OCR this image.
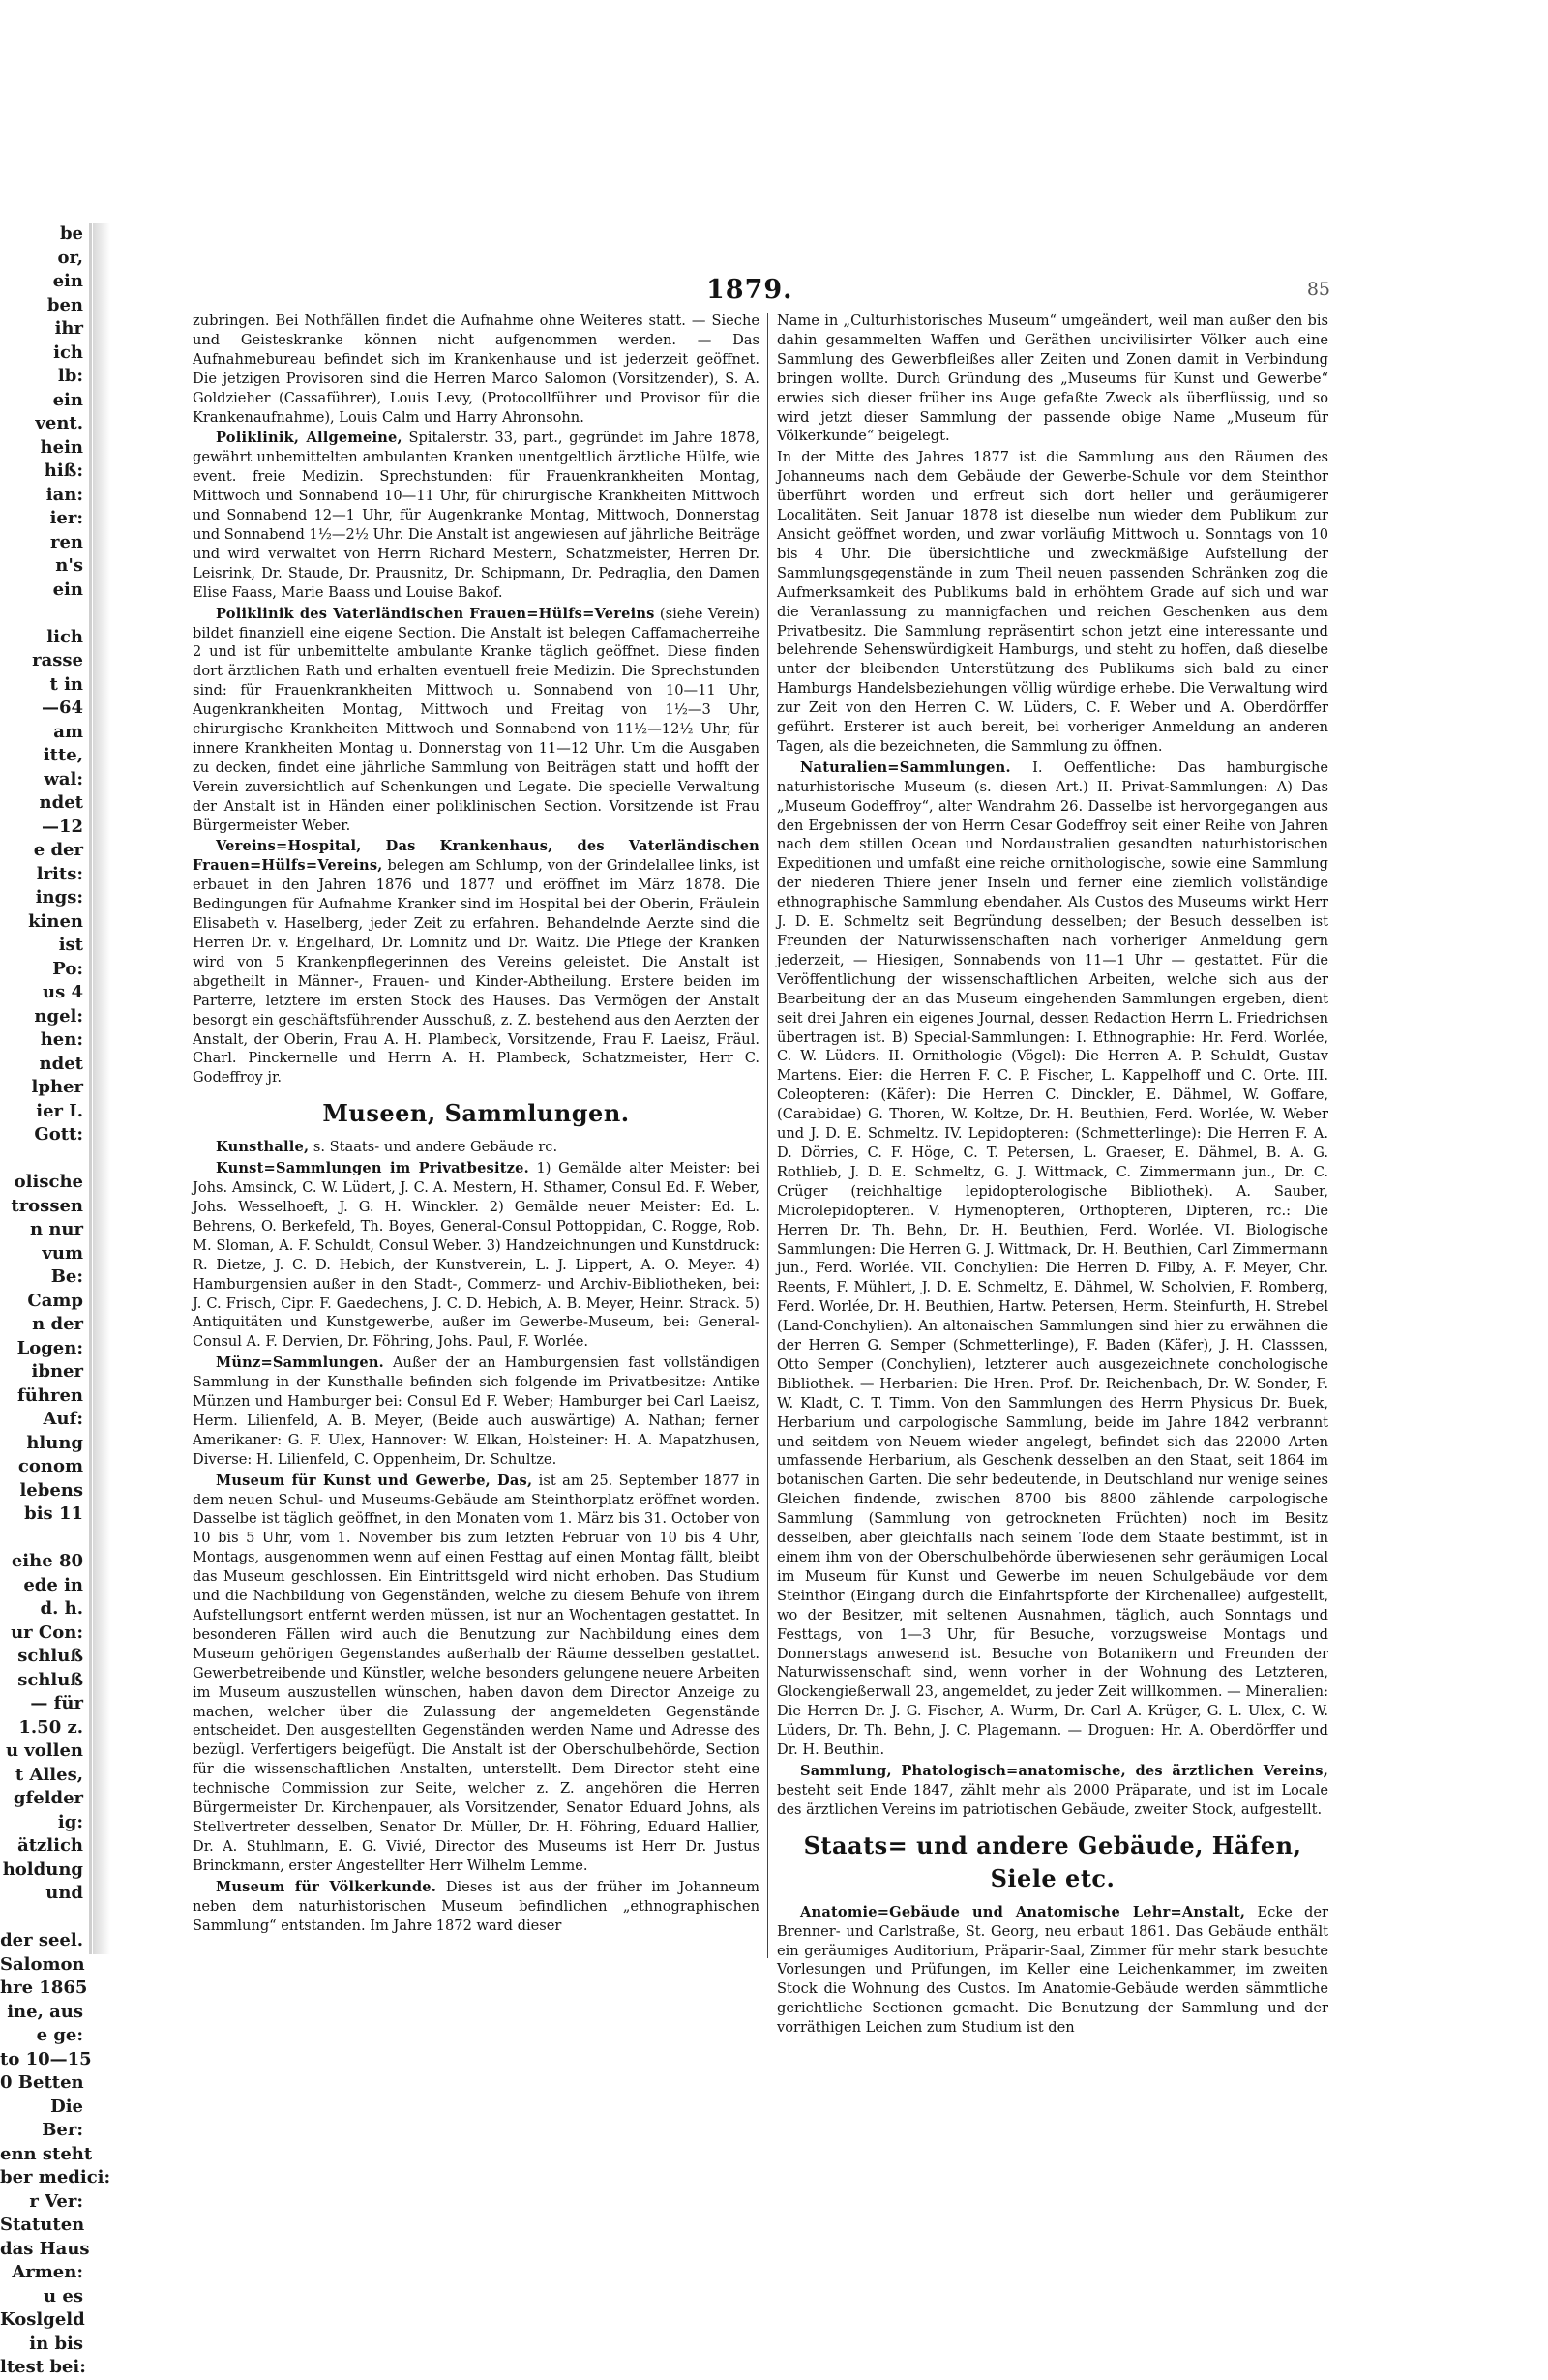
be
or,
ein
ben
ihr
ich
lb:
ein
vent.
hein
hiß:
ian:
ier:
ren
n's
ein

lich
rasse
t in
—64
am
itte,
wal:
ndet
—12
e der
lrits:
ings:
kinen
ist
Po:
us 4
ngel:
hen:
ndet
lpher
ier I.
Gott:

olische
trossen
n nur
vum
Be:
Camp
n der
Logen:
ibner
führen
Auf:
hlung
conom
lebens
bis 11

eihe 80
ede in
d. h.
ur Con:
schluß
schluß
— für
1.50 z.
u vollen
t Alles,
gfelder
ig:
ätzlich
holdung
und

der seel.
Salomon
hre 1865
ine, aus
e ge:
to 10—15
0 Betten
Die
Ber:
enn steht
ber medici:
r Ver:
Statuten
das Haus
Armen:
u es
Koslgeld
in bis
ltest bei:
1879.	85

zubringen. Bei Nothfällen findet die Aufnahme ohne Weiteres statt. — Sieche und Geisteskranke können nicht aufgenommen werden. — Das Aufnahmebureau befindet sich im Krankenhause und ist jederzeit geöffnet. Die jetzigen Provisoren sind die Herren Marco Salomon (Vorsitzender), S. A. Goldzieher (Cassaführer), Louis Levy, (Protocollführer und Provisor für die Krankenaufnahme), Louis Calm und Harry Ahronsohn.

Poliklinik, Allgemeine, Spitalerstr. 33, part., gegründet im Jahre 1878, gewährt unbemittelten ambulanten Kranken unentgeltlich ärztliche Hülfe, wie event. freie Medizin. Sprechstunden: für Frauenkrankheiten Montag, Mittwoch und Sonnabend 10—11 Uhr, für chirurgische Krankheiten Mittwoch und Sonnabend 12—1 Uhr, für Augenkranke Montag, Mittwoch, Donnerstag und Sonnabend 1½—2½ Uhr. Die Anstalt ist angewiesen auf jährliche Beiträge und wird verwaltet von Herrn Richard Mestern, Schatzmeister, Herren Dr. Leisrink, Dr. Staude, Dr. Prausnitz, Dr. Schipmann, Dr. Pedraglia, den Damen Elise Faass, Marie Baass und Louise Bakof.

Poliklinik des Vaterländischen Frauen=Hülfs=Vereins (siehe Verein) bildet finanziell eine eigene Section. Die Anstalt ist belegen Caffamacherreihe 2 und ist für unbemittelte ambulante Kranke täglich geöffnet. Diese finden dort ärztlichen Rath und erhalten eventuell freie Medizin. Die Sprechstunden sind: für Frauenkrankheiten Mittwoch u. Sonnabend von 10—11 Uhr, Augenkrankheiten Montag, Mittwoch und Freitag von 1½—3 Uhr, chirurgische Krankheiten Mittwoch und Sonnabend von 11½—12½ Uhr, für innere Krankheiten Montag u. Donnerstag von 11—12 Uhr. Um die Ausgaben zu decken, findet eine jährliche Sammlung von Beiträgen statt und hofft der Verein zuversichtlich auf Schenkungen und Legate. Die specielle Verwaltung der Anstalt ist in Händen einer poliklinischen Section. Vorsitzende ist Frau Bürgermeister Weber.

Vereins=Hospital, Das Krankenhaus, des Vaterländischen Frauen=Hülfs=Vereins, belegen am Schlump, von der Grindelallee links, ist erbauet in den Jahren 1876 und 1877 und eröffnet im März 1878. Die Bedingungen für Aufnahme Kranker sind im Hospital bei der Oberin, Fräulein Elisabeth v. Haselberg, jeder Zeit zu erfahren. Behandelnde Aerzte sind die Herren Dr. v. Engelhard, Dr. Lomnitz und Dr. Waitz. Die Pflege der Kranken wird von 5 Krankenpflegerinnen des Vereins geleistet. Die Anstalt ist abgetheilt in Männer-, Frauen- und Kinder-Abtheilung. Erstere beiden im Parterre, letztere im ersten Stock des Hauses. Das Vermögen der Anstalt besorgt ein geschäftsführender Ausschuß, z. Z. bestehend aus den Aerzten der Anstalt, der Oberin, Frau A. H. Plambeck, Vorsitzende, Frau F. Laeisz, Fräul. Charl. Pinckernelle und Herrn A. H. Plambeck, Schatzmeister, Herr C. Godeffroy jr.

Museen, Sammlungen.

Kunsthalle, s. Staats- und andere Gebäude rc.

Kunst=Sammlungen im Privatbesitze. 1) Gemälde alter Meister: bei Johs. Amsinck, C. W. Lüdert, J. C. A. Mestern, H. Sthamer, Consul Ed. F. Weber, Johs. Wesselhoeft, J. G. H. Winckler. 2) Gemälde neuer Meister: Ed. L. Behrens, O. Berkefeld, Th. Boyes, General-Consul Pottoppidan, C. Rogge, Rob. M. Sloman, A. F. Schuldt, Consul Weber. 3) Handzeichnungen und Kunstdruck: R. Dietze, J. C. D. Hebich, der Kunstverein, L. J. Lippert, A. O. Meyer. 4) Hamburgensien außer in den Stadt-, Commerz- und Archiv-Bibliotheken, bei: J. C. Frisch, Cipr. F. Gaedechens, J. C. D. Hebich, A. B. Meyer, Heinr. Strack. 5) Antiquitäten und Kunstgewerbe, außer im Gewerbe-Museum, bei: General-Consul A. F. Dervien, Dr. Föhring, Johs. Paul, F. Worlée.

Münz=Sammlungen. Außer der an Hamburgensien fast vollständigen Sammlung in der Kunsthalle befinden sich folgende im Privatbesitze: Antike Münzen und Hamburger bei: Consul Ed F. Weber; Hamburger bei Carl Laeisz, Herm. Lilienfeld, A. B. Meyer, (Beide auch auswärtige) A. Nathan; ferner Amerikaner: G. F. Ulex, Hannover: W. Elkan, Holsteiner: H. A. Mapatzhusen, Diverse: H. Lilienfeld, C. Oppenheim, Dr. Schultze.

Museum für Kunst und Gewerbe, Das, ist am 25. September 1877 in dem neuen Schul- und Museums-Gebäude am Steinthorplatz eröffnet worden. Dasselbe ist täglich geöffnet, in den Monaten vom 1. März bis 31. October von 10 bis 5 Uhr, vom 1. November bis zum letzten Februar von 10 bis 4 Uhr, Montags, ausgenommen wenn auf einen Festtag auf einen Montag fällt, bleibt das Museum geschlossen. Ein Eintrittsgeld wird nicht erhoben. Das Studium und die Nachbildung von Gegenständen, welche zu diesem Behufe von ihrem Aufstellungsort entfernt werden müssen, ist nur an Wochentagen gestattet. In besonderen Fällen wird auch die Benutzung zur Nachbildung eines dem Museum gehörigen Gegenstandes außerhalb der Räume desselben gestattet. Gewerbetreibende und Künstler, welche besonders gelungene neuere Arbeiten im Museum auszustellen wünschen, haben davon dem Director Anzeige zu machen, welcher über die Zulassung der angemeldeten Gegenstände entscheidet. Den ausgestellten Gegenständen werden Name und Adresse des bezügl. Verfertigers beigefügt. Die Anstalt ist der Oberschulbehörde, Section für die wissenschaftlichen Anstalten, unterstellt. Dem Director steht eine technische Commission zur Seite, welcher z. Z. angehören die Herren Bürgermeister Dr. Kirchenpauer, als Vorsitzender, Senator Eduard Johns, als Stellvertreter desselben, Senator Dr. Müller, Dr. H. Föhring, Eduard Hallier, Dr. A. Stuhlmann, E. G. Vivié, Director des Museums ist Herr Dr. Justus Brinckmann, erster Angestellter Herr Wilhelm Lemme.

Museum für Völkerkunde. Dieses ist aus der früher im Johanneum neben dem naturhistorischen Museum befindlichen „ethnographischen Sammlung“ entstanden. Im Jahre 1872 ward dieser

Name in „Culturhistorisches Museum“ umgeändert, weil man außer den bis dahin gesammelten Waffen und Geräthen uncivilisirter Völker auch eine Sammlung des Gewerbfleißes aller Zeiten und Zonen damit in Verbindung bringen wollte. Durch Gründung des „Museums für Kunst und Gewerbe“ erwies sich dieser früher ins Auge gefaßte Zweck als überflüssig, und so wird jetzt dieser Sammlung der passende obige Name „Museum für Völkerkunde“ beigelegt.

In der Mitte des Jahres 1877 ist die Sammlung aus den Räumen des Johanneums nach dem Gebäude der Gewerbe-Schule vor dem Steinthor überführt worden und erfreut sich dort heller und geräumigerer Localitäten. Seit Januar 1878 ist dieselbe nun wieder dem Publikum zur Ansicht geöffnet worden, und zwar vorläufig Mittwoch u. Sonntags von 10 bis 4 Uhr. Die übersichtliche und zweckmäßige Aufstellung der Sammlungsgegenstände in zum Theil neuen passenden Schränken zog die Aufmerksamkeit des Publikums bald in erhöhtem Grade auf sich und war die Veranlassung zu mannigfachen und reichen Geschenken aus dem Privatbesitz. Die Sammlung repräsentirt schon jetzt eine interessante und belehrende Sehenswürdigkeit Hamburgs, und steht zu hoffen, daß dieselbe unter der bleibenden Unterstützung des Publikums sich bald zu einer Hamburgs Handelsbeziehungen völlig würdige erhebe. Die Verwaltung wird zur Zeit von den Herren C. W. Lüders, C. F. Weber und A. Oberdörffer geführt. Ersterer ist auch bereit, bei vorheriger Anmeldung an anderen Tagen, als die bezeichneten, die Sammlung zu öffnen.

Naturalien=Sammlungen. I. Oeffentliche: Das hamburgische naturhistorische Museum (s. diesen Art.) II. Privat-Sammlungen: A) Das „Museum Godeffroy“, alter Wandrahm 26. Dasselbe ist hervorgegangen aus den Ergebnissen der von Herrn Cesar Godeffroy seit einer Reihe von Jahren nach dem stillen Ocean und Nordaustralien gesandten naturhistorischen Expeditionen und umfaßt eine reiche ornithologische, sowie eine Sammlung der niederen Thiere jener Inseln und ferner eine ziemlich vollständige ethnographische Sammlung ebendaher. Als Custos des Museums wirkt Herr J. D. E. Schmeltz seit Begründung desselben; der Besuch desselben ist Freunden der Naturwissenschaften nach vorheriger Anmeldung gern jederzeit, — Hiesigen, Sonnabends von 11—1 Uhr — gestattet. Für die Veröffentlichung der wissenschaftlichen Arbeiten, welche sich aus der Bearbeitung der an das Museum eingehenden Sammlungen ergeben, dient seit drei Jahren ein eigenes Journal, dessen Redaction Herrn L. Friedrichsen übertragen ist. B) Special-Sammlungen: I. Ethnographie: Hr. Ferd. Worlée, C. W. Lüders. II. Ornithologie (Vögel): Die Herren A. P. Schuldt, Gustav Martens. Eier: die Herren F. C. P. Fischer, L. Kappelhoff und C. Orte. III. Coleopteren: (Käfer): Die Herren C. Dinckler, E. Dähmel, W. Goffare, (Carabidae) G. Thoren, W. Koltze, Dr. H. Beuthien, Ferd. Worlée, W. Weber und J. D. E. Schmeltz. IV. Lepidopteren: (Schmetterlinge): Die Herren F. A. D. Dörries, C. F. Höge, C. T. Petersen, L. Graeser, E. Dähmel, B. A. G. Rothlieb, J. D. E. Schmeltz, G. J. Wittmack, C. Zimmermann jun., Dr. C. Crüger (reichhaltige lepidopterologische Bibliothek). A. Sauber, Microlepidopteren. V. Hymenopteren, Orthopteren, Dipteren, rc.: Die Herren Dr. Th. Behn, Dr. H. Beuthien, Ferd. Worlée. VI. Biologische Sammlungen: Die Herren G. J. Wittmack, Dr. H. Beuthien, Carl Zimmermann jun., Ferd. Worlée. VII. Conchylien: Die Herren D. Filby, A. F. Meyer, Chr. Reents, F. Mühlert, J. D. E. Schmeltz, E. Dähmel, W. Scholvien, F. Romberg, Ferd. Worlée, Dr. H. Beuthien, Hartw. Petersen, Herm. Steinfurth, H. Strebel (Land-Conchylien). An altonaischen Sammlungen sind hier zu erwähnen die der Herren G. Semper (Schmetterlinge), F. Baden (Käfer), J. H. Classsen, Otto Semper (Conchylien), letzterer auch ausgezeichnete conchologische Bibliothek. — Herbarien: Die Hren. Prof. Dr. Reichenbach, Dr. W. Sonder, F. W. Kladt, C. T. Timm. Von den Sammlungen des Herrn Physicus Dr. Buek, Herbarium und carpologische Sammlung, beide im Jahre 1842 verbrannt und seitdem von Neuem wieder angelegt, befindet sich das 22000 Arten umfassende Herbarium, als Geschenk desselben an den Staat, seit 1864 im botanischen Garten. Die sehr bedeutende, in Deutschland nur wenige seines Gleichen findende, zwischen 8700 bis 8800 zählende carpologische Sammlung (Sammlung von getrockneten Früchten) noch im Besitz desselben, aber gleichfalls nach seinem Tode dem Staate bestimmt, ist in einem ihm von der Oberschulbehörde überwiesenen sehr geräumigen Local im Museum für Kunst und Gewerbe im neuen Schulgebäude vor dem Steinthor (Eingang durch die Einfahrtspforte der Kirchenallee) aufgestellt, wo der Besitzer, mit seltenen Ausnahmen, täglich, auch Sonntags und Festtags, von 1—3 Uhr, für Besuche, vorzugsweise Montags und Donnerstags anwesend ist. Besuche von Botanikern und Freunden der Naturwissenschaft sind, wenn vorher in der Wohnung des Letzteren, Glockengießerwall 23, angemeldet, zu jeder Zeit willkommen. — Mineralien: Die Herren Dr. J. G. Fischer, A. Wurm, Dr. Carl A. Krüger, G. L. Ulex, C. W. Lüders, Dr. Th. Behn, J. C. Plagemann. — Droguen: Hr. A. Oberdörffer und Dr. H. Beuthin.

Sammlung, Phatologisch=anatomische, des ärztlichen Vereins, besteht seit Ende 1847, zählt mehr als 2000 Präparate, und ist im Locale des ärztlichen Vereins im patriotischen Gebäude, zweiter Stock, aufgestellt.

Staats= und andere Gebäude, Häfen, Siele etc.

Anatomie=Gebäude und Anatomische Lehr=Anstalt, Ecke der Brenner- und Carlstraße, St. Georg, neu erbaut 1861. Das Gebäude enthält ein geräumiges Auditorium, Präparir-Saal, Zimmer für mehr stark besuchte Vorlesungen und Prüfungen, im Keller eine Leichenkammer, im zweiten Stock die Wohnung des Custos. Im Anatomie-Gebäude werden sämmtliche gerichtliche Sectionen gemacht. Die Benutzung der Sammlung und der vorräthigen Leichen zum Studium ist den
